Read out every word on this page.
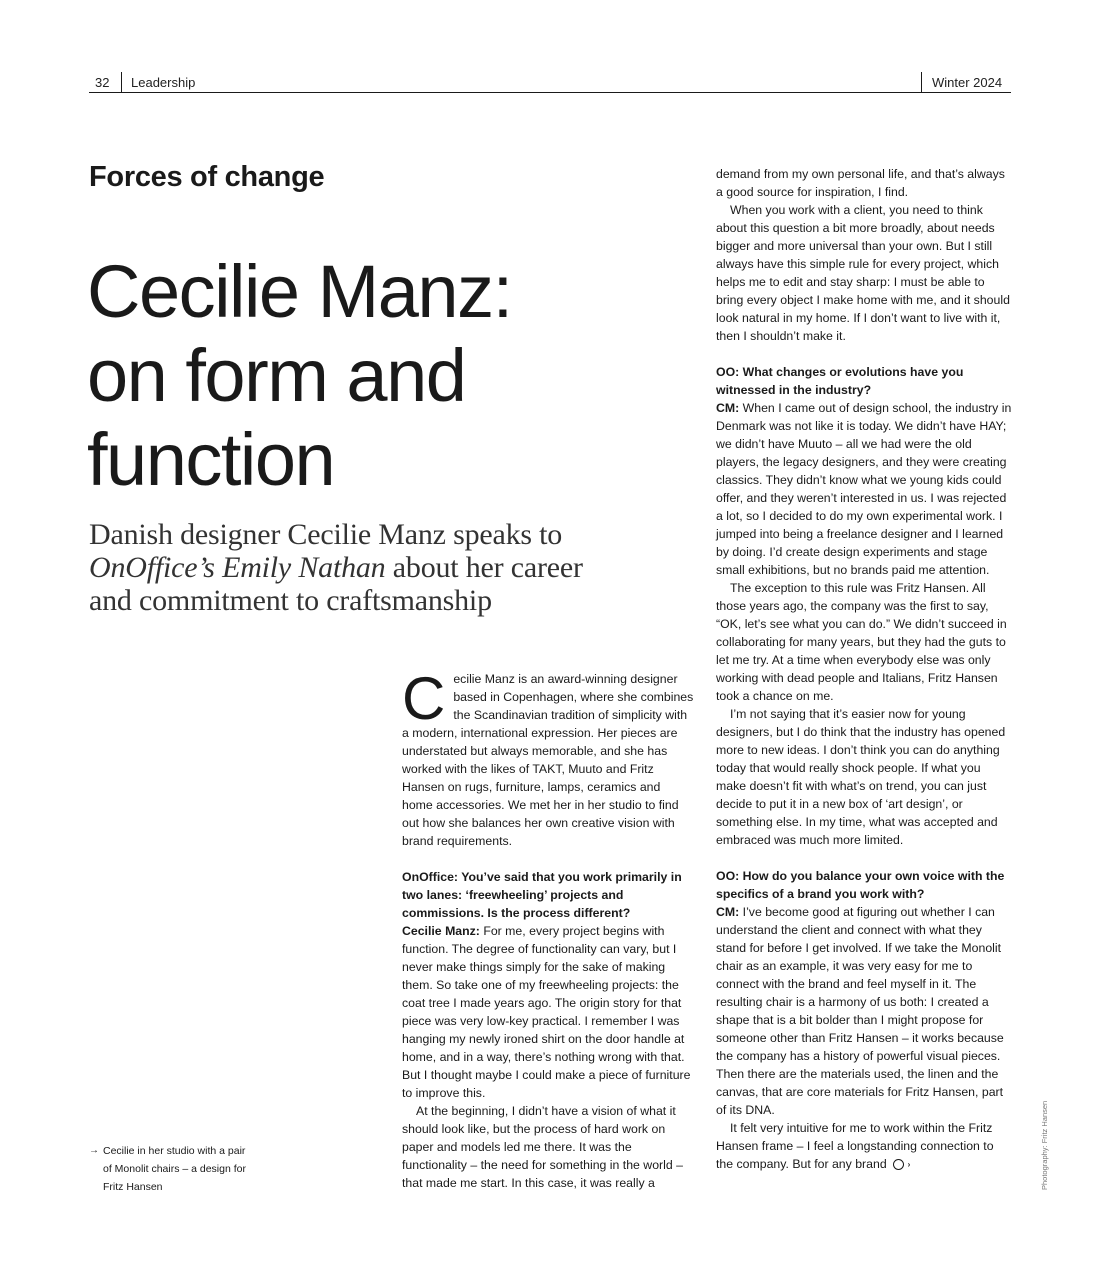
32 Leadership	Winter 2024
Forces of change
Cecilie Manz:
on form and
function
Danish designer Cecilie Manz speaks to OnOffice’s Emily Nathan about her career and commitment to craftsmanship

Cecilie Manz is an award-winning designer based in Copenhagen, where she combines the Scandinavian tradition of simplicity with a modern, international expression. Her pieces are understated but always memorable, and she has worked with the likes of TAKT, Muuto and Fritz Hansen on rugs, furniture, lamps, ceramics and home accessories. We met her in her studio to find out how she balances her own creative vision with brand requirements.

OnOffice: You’ve said that you work primarily in two lanes: ‘freewheeling’ projects and commissions. Is the process different?

Cecilie Manz: For me, every project begins with function. The degree of functionality can vary, but I never make things simply for the sake of making them. So take one of my freewheeling projects: the coat tree I made years ago. The origin story for that piece was very low-key practical. I remember I was hanging my newly ironed shirt on the door handle at home, and in a way, there’s nothing wrong with that. But I thought maybe I could make a piece of furniture to improve this.

At the beginning, I didn’t have a vision of what it should look like, but the process of hard work on paper and models led me there. It was the functionality – the need for something in the world – that made me start. In this case, it was really a

demand from my own personal life, and that’s always a good source for inspiration, I find.

When you work with a client, you need to think about this question a bit more broadly, about needs bigger and more universal than your own. But I still always have this simple rule for every project, which helps me to edit and stay sharp: I must be able to bring every object I make home with me, and it should look natural in my home. If I don’t want to live with it, then I shouldn’t make it.

OO: What changes or evolutions have you witnessed in the industry?

CM: When I came out of design school, the industry in Denmark was not like it is today. We didn’t have HAY; we didn’t have Muuto – all we had were the old players, the legacy designers, and they were creating classics. They didn’t know what we young kids could offer, and they weren’t interested in us. I was rejected a lot, so I decided to do my own experimental work. I jumped into being a freelance designer and I learned by doing. I’d create design experiments and stage small exhibitions, but no brands paid me attention.

The exception to this rule was Fritz Hansen. All those years ago, the company was the first to say, “OK, let’s see what you can do.” We didn’t succeed in collaborating for many years, but they had the guts to let me try. At a time when everybody else was only working with dead people and Italians, Fritz Hansen took a chance on me.

I’m not saying that it’s easier now for young designers, but I do think that the industry has opened more to new ideas. I don’t think you can do anything today that would really shock people. If what you make doesn’t fit with what’s on trend, you can just decide to put it in a new box of ‘art design’, or something else. In my time, what was accepted and embraced was much more limited.

OO: How do you balance your own voice with the specifics of a brand you work with?

CM: I’ve become good at figuring out whether I can understand the client and connect with what they stand for before I get involved. If we take the Monolit chair as an example, it was very easy for me to connect with the brand and feel myself in it. The resulting chair is a harmony of us both: I created a shape that is a bit bolder than I might propose for someone other than Fritz Hansen – it works because the company has a history of powerful visual pieces. Then there are the materials used, the linen and the canvas, that are core materials for Fritz Hansen, part of its DNA.

It felt very intuitive for me to work within the Fritz Hansen frame – I feel a longstanding connection to the company. But for any brand	›

→ Cecilie in her studio with a pair of Monolit chairs – a design for Fritz Hansen	Photography: Fritz Hansen
